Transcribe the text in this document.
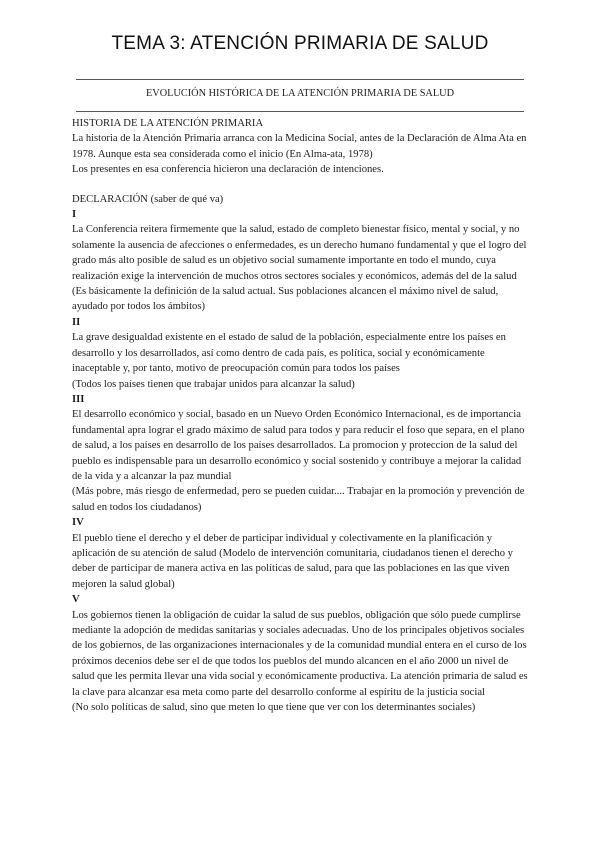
TEMA 3: ATENCIÓN PRIMARIA DE SALUD

EVOLUCIÓN HISTÓRICA DE LA ATENCIÓN PRIMARIA DE SALUD

HISTORIA DE LA ATENCIÓN PRIMARIA

La historia de la Atención Primaria arranca con la Medicina Social, antes de la Declaración de Alma Ata en 1978. Aunque esta sea considerada como el inicio (En Alma-ata, 1978)

Los presentes en esa conferencia hicieron una declaración de intenciones.

DECLARACIÓN (saber de qué va)

I

La Conferencia reitera firmemente que la salud, estado de completo bienestar físico, mental y social, y no solamente la ausencia de afecciones o enfermedades, es un derecho humano fundamental y que el logro del grado más alto posible de salud es un objetivo social sumamente importante en todo el mundo, cuya realización exige la intervención de muchos otros sectores sociales y económicos, además del de la salud

(Es básicamente la definición de la salud actual. Sus poblaciones alcancen el máximo nivel de salud, ayudado por todos los ámbitos)

II

La grave desigualdad existente en el estado de salud de la población, especialmente entre los países en desarrollo y los desarrollados, así como dentro de cada país, es política, social y económicamente inaceptable y, por tanto, motivo de preocupación común para todos los países

(Todos los países tienen que trabajar unidos para alcanzar la salud)

III

El desarrollo económico y social, basado en un Nuevo Orden Económico Internacional, es de importancia fundamental apra lograr el grado máximo de salud para todos y para reducir el foso que separa, en el plano de salud, a los países en desarrollo de los países desarrollados. La promocion y proteccion de la salud del pueblo es indispensable para un desarrollo económico y social sostenido y contribuye a mejorar la calidad de la vida y a alcanzar la paz mundial

(Más pobre, más riesgo de enfermedad, pero se pueden cuidar.... Trabajar en la promoción y prevención de salud en todos los ciudadanos)

IV

El pueblo tiene el derecho y el deber de participar individual y colectivamente en la planificación y aplicación de su atención de salud (Modelo de intervención comunitaria, ciudadanos tienen el derecho y deber de participar de manera activa en las políticas de salud, para que las poblaciones en las que viven mejoren la salud global)

V

Los gobiernos tienen la obligación de cuidar la salud de sus pueblos, obligación que sólo puede cumplirse mediante la adopción de medidas sanitarias y sociales adecuadas. Uno de los principales objetivos sociales de los gobiernos, de las organizaciones internacionales y de la comunidad mundial entera en el curso de los próximos decenios debe ser el de que todos los pueblos del mundo alcancen en el año 2000 un nivel de salud que les permita llevar una vida social y económicamente productiva. La atención primaria de salud es la clave para alcanzar esa meta como parte del desarrollo conforme al espíritu de la justicia social

(No solo políticas de salud, sino que meten lo que tiene que ver con los determinantes sociales)
